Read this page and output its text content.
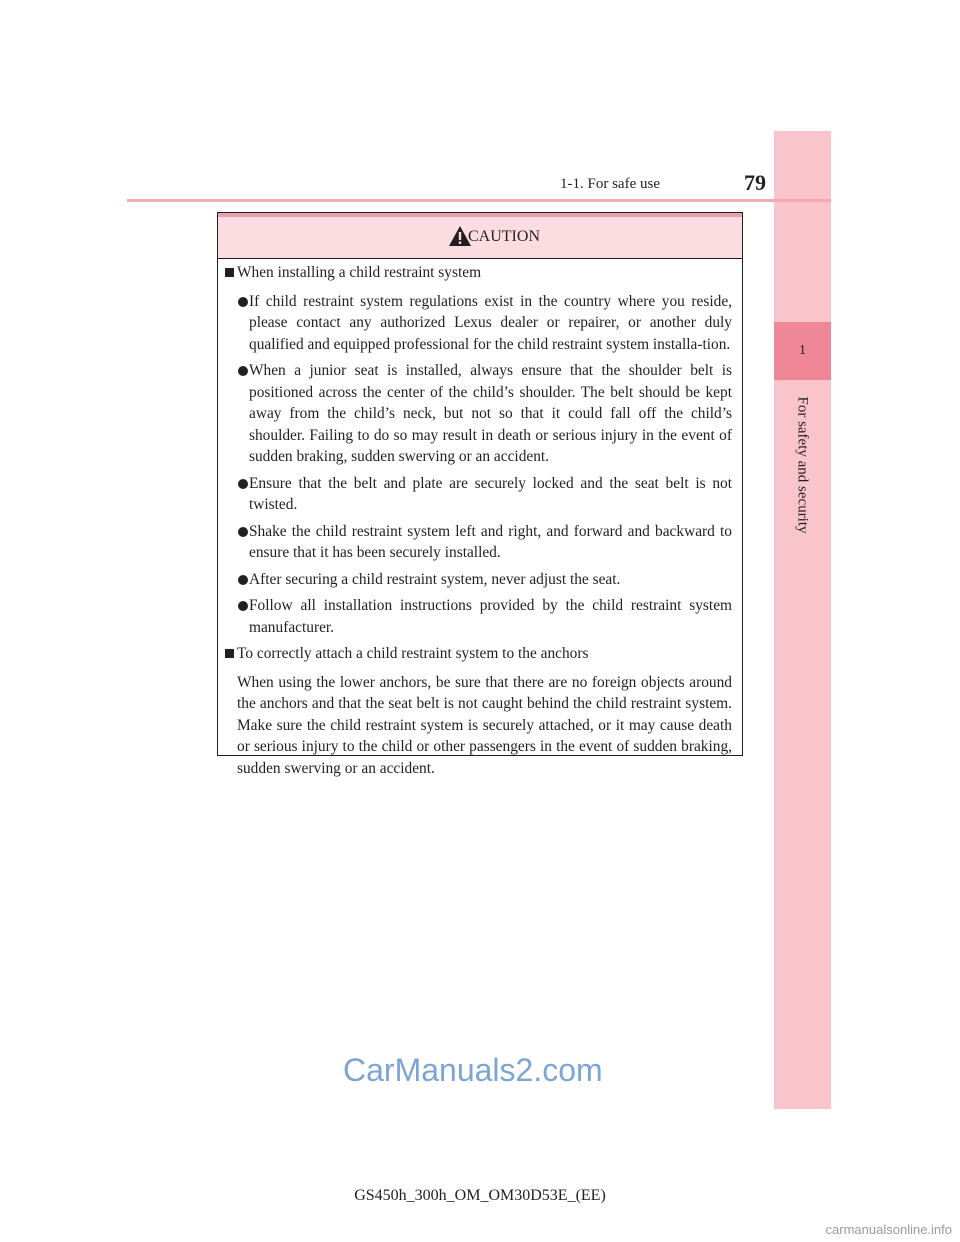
1
For safety and security
1-1. For safe use	79
CAUTION
When installing a child restraint system
If child restraint system regulations exist in the country where you reside, please contact any authorized Lexus dealer or repairer, or another duly qualified and equipped professional for the child restraint system installa-tion.
When a junior seat is installed, always ensure that the shoulder belt is positioned across the center of the child’s shoulder. The belt should be kept away from the child’s neck, but not so that it could fall off the child’s shoulder. Failing to do so may result in death or serious injury in the event of sudden braking, sudden swerving or an accident.
Ensure that the belt and plate are securely locked and the seat belt is not twisted.
Shake the child restraint system left and right, and forward and backward to ensure that it has been securely installed.
After securing a child restraint system, never adjust the seat.
Follow all installation instructions provided by the child restraint system manufacturer.
To correctly attach a child restraint system to the anchors
When using the lower anchors, be sure that there are no foreign objects around the anchors and that the seat belt is not caught behind the child restraint system. Make sure the child restraint system is securely attached, or it may cause death or serious injury to the child or other passengers in the event of sudden braking, sudden swerving or an accident.
CarManuals2.com
GS450h_300h_OM_OM30D53E_(EE)
carmanualsonline.info
